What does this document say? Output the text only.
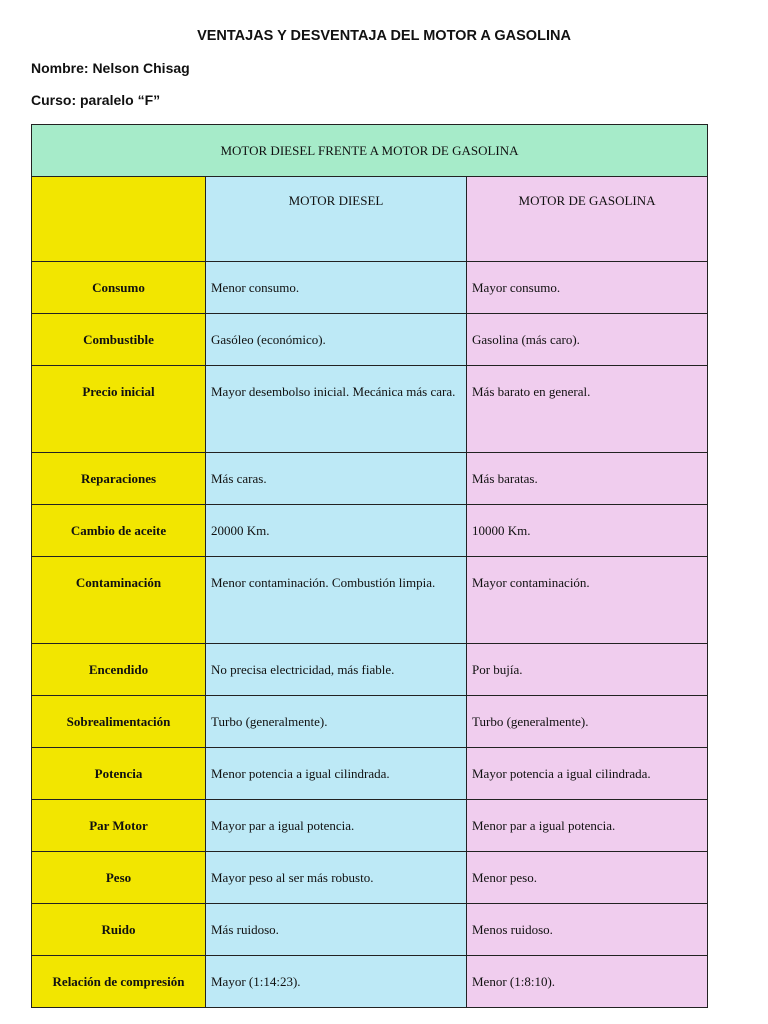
VENTAJAS Y DESVENTAJA DEL MOTOR A GASOLINA
Nombre: Nelson Chisag
Curso: paralelo “F”
MOTOR DIESEL FRENTE A MOTOR DE GASOLINA		
	MOTOR DIESEL	MOTOR DE GASOLINA
Consumo	Menor consumo.	Mayor consumo.
Combustible	Gasóleo (económico).	Gasolina (más caro).
Precio inicial	Mayor desembolso inicial. Mecánica más cara.	Más barato en general.
Reparaciones	Más caras.	Más baratas.
Cambio de aceite	20000 Km.	10000 Km.
Contaminación	Menor contaminación. Combustión limpia.	Mayor contaminación.
Encendido	No precisa electricidad, más fiable.	Por bujía.
Sobrealimentación	Turbo (generalmente).	Turbo (generalmente).
Potencia	Menor potencia a igual cilindrada.	Mayor potencia a igual cilindrada.
Par Motor	Mayor par a igual potencia.	Menor par a igual potencia.
Peso	Mayor peso al ser más robusto.	Menor peso.
Ruido	Más ruidoso.	Menos ruidoso.
Relación de compresión	Mayor (1:14:23).	Menor (1:8:10).
